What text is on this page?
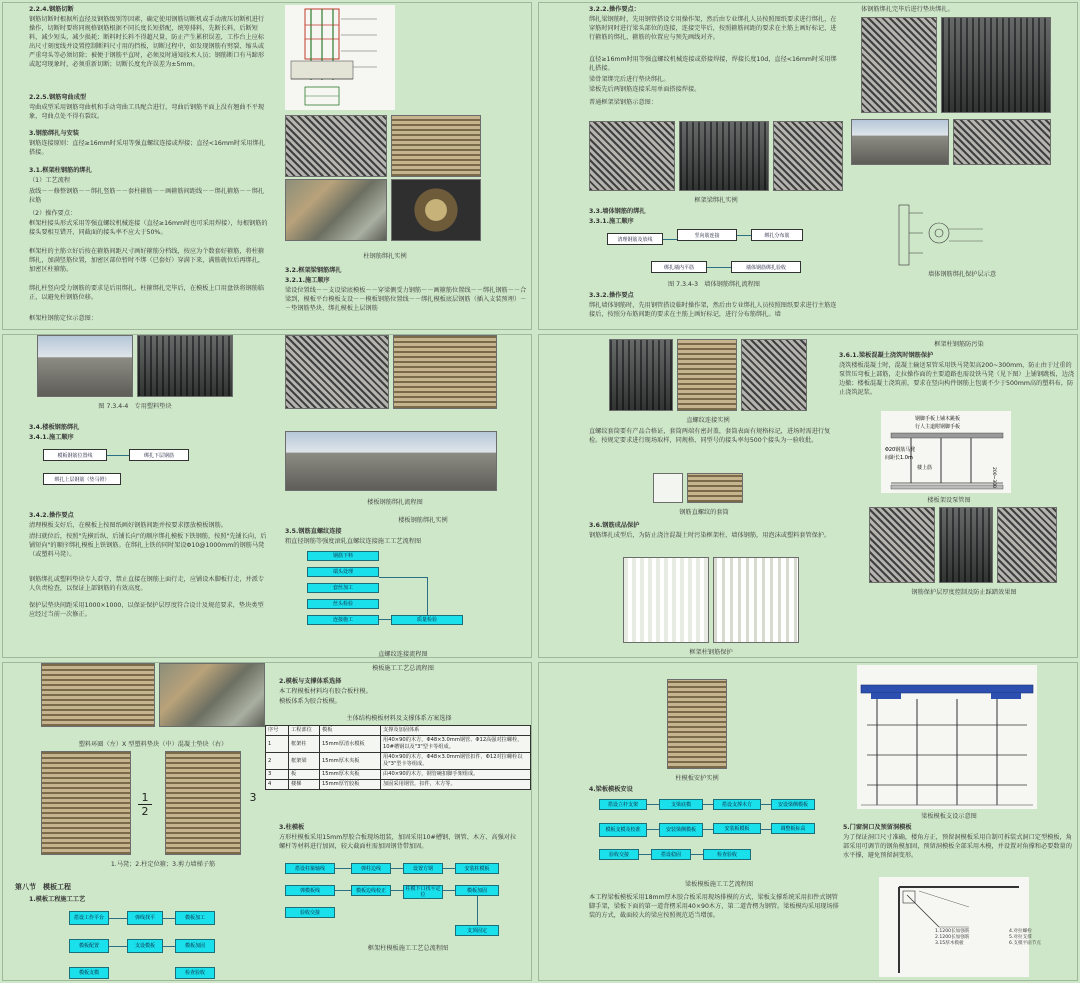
2.2.4.钢筋切断
钢筋切断时根据所直径及钢筋级别等因素，确定使用钢筋切断机或手动液压切断机进行操作，切断时要将同规格钢筋根据不同长度长短搭配，统筹排料，先断长料，后断短料，减少短头，减少损耗；断料时长料不得超尺量，防止产生累积误差，工作台上应标出尺寸刻度线并设置控制断料尺寸用的挡板，切断过程中，如发现钢筋有劈裂、缩头或严重弯头等必须切除；被便于钢筋平直时，必须及时通知技术人员；钢筋断口有马蹄形或起弯现象时，必须重新切断；切断长度允许误差为±5mm。
2.2.5.钢筋弯曲成型
弯曲成型采用钢筋弯曲机和手动弯曲工具配合进行，弯曲后钢筋平面上没有翘曲不平现象，弯曲点处不得有裂纹。
3.钢筋绑扎与安装
钢筋连接原则：直径≥16mm时采用等强直螺纹连接或焊接；直径<16mm时采用绑扎搭接。
3.1.框架柱钢筋的绑扎
（1）工艺流程
放线－－修整钢筋－－绑扎竖筋－－套柱箍筋－－画箍筋间距线－－绑扎箍筋－－绑扎拉筋
（2）操作要点：
框架柱接头形式采用等强直螺纹机械连接（直径≥16mm时也可采用焊接），每根钢筋的接头要相互错开，同截面的接头率不应大于50%。
框架柱的主筋立好后按在箍筋间距尺寸画好箍筋分档线，按应为个数套好箍筋，将柱箍绑扎，加满竖筋位置，加密区部位暂时不绑（已套好）穿满下来，满筋就位后再绑扎，加密区柱箍筋。
绑扎柱竖向受力钢筋的要求是后用绑扎，柱箍绑扎完毕后，在模板上口用盘铁将钢筋临正，以避免柱钢筋位移。
框架柱钢筋定位示意图：
柱钢筋绑扎实例
3.2.框架梁钢筋绑扎
3.2.1.施工顺序
梁设位置线－－支设梁底模板－－穿梁侧受力钢筋－－画箍筋位置线－－绑扎钢筋－－合梁到，模板平台模板支设－－模板钢筋位置线－－绑扎模板底层钢筋（插入支装预埋）－－垫钢筋垫块、绑扎模板上层钢筋
3.2.2.操作要点：
绑扎梁钢筋时，先用钢管搭设专用操作架，然后由专业绑扎人员按照图纸要求进行绑扎，在穿筋时同时进行梁头部位的连接，连接完毕后，按照箍筋间距的要求在主筋上画好标记，进行箍筋的绑扎，箍筋的位置应与预先画线对齐。
直径≥16mm时用等强直螺纹机械连接或搭接焊接，焊接长度10d，直径<16mm时采用绑扎搭接。
梁骨架绑完后进行垫块绑扎。
梁板先后两钢筋连接采用单面搭接焊接。
普通框架梁钢筋示意图：
框架梁绑扎实例
3.3.墙体钢筋的绑扎
3.3.1.施工顺序
清理钢筋及放线
竖向筋连接	绑扎分布筋
绑扎墙内平筋	墙体钢筋绑扎验收
图 7.3.4-3　墙体钢筋绑扎流程图
3.3.2.操作要点
绑扎墙体钢筋时，先用钢管搭设临时操作架，然后由专业绑扎人员按照图纸要求进行主筋连接后，按照分布筋间距的要求在主筋上画好标记，进行分布筋绑扎。墙
体钢筋绑扎完毕后进行垫块绑扎。
墙体钢筋绑扎保护层示意
图 7.3.4-4　专用塑料垫块
3.4.楼板钢筋绑扎
3.4.1.施工顺序
模板钢筋位置线	绑扎下层钢筋
绑扎上层钢筋（垫马镫）
3.4.2.操作要点
清理模板支好后，在模板上按图纸画好钢筋间距并按要求摆放模板钢筋。
清扫就位后，按照"先横后纵，后铺长向"的顺序绑扎模板下铁钢筋，按照"先铺长向，后铺短向"的顺序绑扎模板上铁钢筋。在绑扎上铁的同时架设Φ10@1000mm的钢筋马凳（或塑料马凳）。
钢筋绑扎或塑料垫块专人看守，禁止直接在钢筋上面行走，应铺设木脚板行走，并派专人负责检查，以保证上部钢筋的有效高度。
保护层垫块间距采用1000×1000，以保证保护层厚度符合设计及规范要求，垫块类型应经过当前一次修正。
楼板钢筋绑扎流程图
楼板钢筋绑扎实例
3.5.钢筋直螺纹连接
粗直径钢筋等强度滚轧直螺纹连接施工工艺流程图
钢筋下料
端头处理
套丝加工
丝头检验
连接施工	质量检验
直螺纹连接流程图
直螺纹连接实例
直螺纹套筒要有产品合格证，套筒两端有密封盖，套筒表面有规格标记，进场时需进行复检。按规定要求进行现场取样，同规格、同型号的接头率每500个接头为一验收批。
钢筋直螺纹的套筒
3.6.钢筋成品保护
钢筋绑扎成型后，为防止浇注混凝土时污染框架柱、墙体钢筋，用泡沫或塑料套管保护。
框架柱钢筋保护
框架柱钢筋防污染
3.6.1.梁板混凝土浇筑时钢筋保护
浇筑楼板混凝土时，混凝土输送泵管采用铁马凳架高200~300mm，防止由于过重的泵管压弯板上部筋，走拉操作面的主要道路也需设铁马凳（见下图）上铺钢跳板，边浇边撤；楼板混凝土浇筑前，要求在竖向构件钢筋上包裹不少于500mm高的塑料布，防止浇筑泥浆。
钢脚手板上铺木跳板
行人主道附钢脚手板
Φ20钢筋马凳
间距长1.0m
楼上筋	200~300
楼板架设泵管图
钢筋保护层厚度控制及防止踩踏效果图
塑料环圈（左）X 型塑料垫块（中）混凝土垫块（右）
1
2
3
1.马凳；2.柱定位箍；3.剪力墙梯子筋
第八节　模板工程
1.模板工程施工工艺
搭设工作平台	弹线找平	模板加工
模板配置	支设模板	模板加固
模板支模	检查验收
模板施工工艺总流程图
2.模板与支撑体系选择
本工程模板材料均有胶合板柱模。
模板体系为胶合板模。
主体结构模板材料及支撑体系方案选择
序号	工程部位	模板	支撑及加固体系
1	框架柱	15mm厚清水模板	用40×90的木方，Φ48×3.0mm钢管、Φ12高强对拉螺栓，10#槽钢以及"3"型卡等组成。
2	框架梁	15mm厚木夹板	用40×90的木方，Φ48×3.0mm钢管扣件，Φ12对拉螺栓以及"3"型卡等组成。
3	板	15mm厚木夹板	由40×90的木方，钢管碗扣脚手架组成。
4	楼梯	15mm厚竹胶板	加固采用钢管，扣件，木方等。
3.柱模板
方形柱模板采用15mm厚胶合板现场组装，加固采用10#槽钢、钢管、木方、高强对拉螺杆等材料进行加固，较大截面柱需加固钢背带加固。
搭设柱箍轴线	弹柱边线	设置方钢	安装柱模板
弹模板线	模板边线校正	柱模下口找平定位
模板加固
验收交接
支顶固定
框架柱模板施工工艺总流程图
柱模板安护实例
4.梁板模板安设
搭设立杆支架	支梁底模	搭设支撑木方	安设梁侧模板
模板支模及校准	安装梁侧模板	安装板模板	调整板标高
验收交接	搭设稳固	检查验收
梁板模板施工工艺流程图
本工程梁板模板采用18mm厚木胶合板采用现场排模的方式，梁板支撑系统采用扣件式钢管脚手架，梁板下面的第一道背楞采用40×90木方，第二道背楞为钢管。梁板模均采用现场排装的方式，截面较大的梁应按照规范适当增加。
梁板模板支设示意图
5.门窗洞口及预留洞模板
为了保证洞口尺寸准确，楼角方正，预留洞模板采用自制可拆装式洞口定型模板，角部采用可调节的钢角模加固，预留洞模板全部采用木模，并设置对角撑和必要数量的水平撑，避免预留洞变形。
1.1200长加强筋
2.1200长加强筋
3.15厚木模板
4.对拉螺栓
5.对拉支撑
6.支模平面节点
